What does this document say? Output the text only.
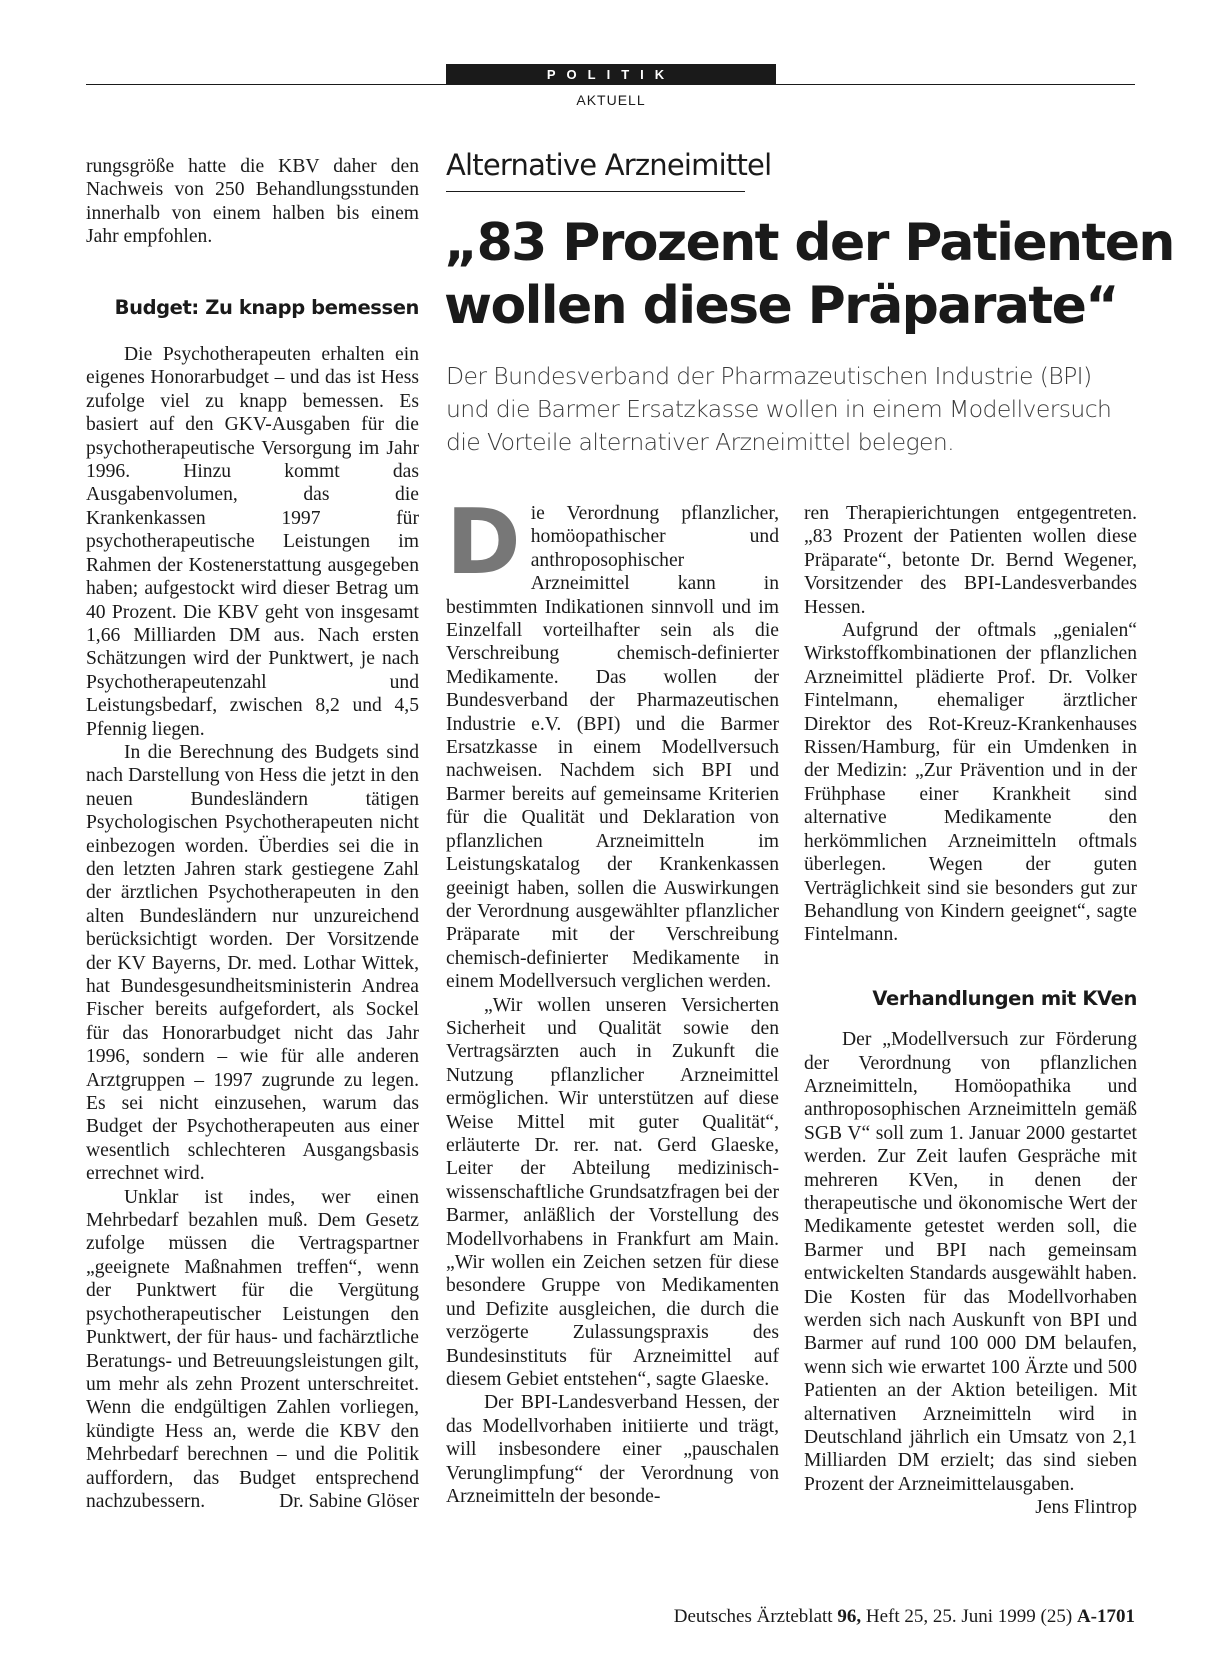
POLITIK
AKTUELL

rungsgröße hatte die KBV daher den Nachweis von 250 Behandlungsstunden innerhalb von einem halben bis einem Jahr empfohlen.

Budget: Zu knapp bemessen

Die Psychotherapeuten erhalten ein eigenes Honorarbudget – und das ist Hess zufolge viel zu knapp bemessen. Es basiert auf den GKV-Ausgaben für die psychotherapeutische Versorgung im Jahr 1996. Hinzu kommt das Ausgabenvolumen, das die Krankenkassen 1997 für psychotherapeutische Leistungen im Rahmen der Kostenerstattung ausgegeben haben; aufgestockt wird dieser Betrag um 40 Prozent. Die KBV geht von insgesamt 1,66 Milliarden DM aus. Nach ersten Schätzungen wird der Punktwert, je nach Psychotherapeutenzahl und Leistungsbedarf, zwischen 8,2 und 4,5 Pfennig liegen.

In die Berechnung des Budgets sind nach Darstellung von Hess die jetzt in den neuen Bundesländern tätigen Psychologischen Psychotherapeuten nicht einbezogen worden. Überdies sei die in den letzten Jahren stark gestiegene Zahl der ärztlichen Psychotherapeuten in den alten Bundesländern nur unzureichend berücksichtigt worden. Der Vorsitzende der KV Bayerns, Dr. med. Lothar Wittek, hat Bundesgesundheitsministerin Andrea Fischer bereits aufgefordert, als Sockel für das Honorarbudget nicht das Jahr 1996, sondern – wie für alle anderen Arztgruppen – 1997 zugrunde zu legen. Es sei nicht einzusehen, warum das Budget der Psychotherapeuten aus einer wesentlich schlechteren Ausgangsbasis errechnet wird.

Unklar ist indes, wer einen Mehrbedarf bezahlen muß. Dem Gesetz zufolge müssen die Vertragspartner „geeignete Maßnahmen treffen“, wenn der Punktwert für die Vergütung psychotherapeutischer Leistungen den Punktwert, der für haus- und fachärztliche Beratungs- und Betreuungsleistungen gilt, um mehr als zehn Prozent unterschreitet. Wenn die endgültigen Zahlen vorliegen, kündigte Hess an, werde die KBV den Mehrbedarf berechnen – und die Politik auffordern, das Budget entsprechend nachzubessern.	Dr. Sabine Glöser

Alternative Arzneimittel
„83 Prozent der Patienten
wollen diese Präparate“

Der Bundesverband der Pharmazeutischen Industrie (BPI)
und die Barmer Ersatzkasse wollen in einem Modellversuch
die Vorteile alternativer Arzneimittel belegen.

Die Verordnung pflanzlicher, homöopathischer und anthroposophischer Arzneimittel kann in bestimmten Indikationen sinnvoll und im Einzelfall vorteilhafter sein als die Verschreibung chemisch-definierter Medikamente. Das wollen der Bundesverband der Pharmazeutischen Industrie e.V. (BPI) und die Barmer Ersatzkasse in einem Modellversuch nachweisen. Nachdem sich BPI und Barmer bereits auf gemeinsame Kriterien für die Qualität und Deklaration von pflanzlichen Arzneimitteln im Leistungskatalog der Krankenkassen geeinigt haben, sollen die Auswirkungen der Verordnung ausgewählter pflanzlicher Präparate mit der Verschreibung chemisch-definierter Medikamente in einem Modellversuch verglichen werden.

„Wir wollen unseren Versicherten Sicherheit und Qualität sowie den Vertragsärzten auch in Zukunft die Nutzung pflanzlicher Arzneimittel ermöglichen. Wir unterstützen auf diese Weise Mittel mit guter Qualität“, erläuterte Dr. rer. nat. Gerd Glaeske, Leiter der Abteilung medizinisch-wissenschaftliche Grundsatzfragen bei der Barmer, anläßlich der Vorstellung des Modellvorhabens in Frankfurt am Main. „Wir wollen ein Zeichen setzen für diese besondere Gruppe von Medikamenten und Defizite ausgleichen, die durch die verzögerte Zulassungspraxis des Bundesinstituts für Arzneimittel auf diesem Gebiet entstehen“, sagte Glaeske.

Der BPI-Landesverband Hessen, der das Modellvorhaben initiierte und trägt, will insbesondere einer „pauschalen Verunglimpfung“ der Verordnung von Arzneimitteln der besonde-

ren Therapierichtungen entgegentreten. „83 Prozent der Patienten wollen diese Präparate“, betonte Dr. Bernd Wegener, Vorsitzender des BPI-Landesverbandes Hessen.

Aufgrund der oftmals „genialen“ Wirkstoffkombinationen der pflanzlichen Arzneimittel plädierte Prof. Dr. Volker Fintelmann, ehemaliger ärztlicher Direktor des Rot-Kreuz-Krankenhauses Rissen/Hamburg, für ein Umdenken in der Medizin: „Zur Prävention und in der Frühphase einer Krankheit sind alternative Medikamente den herkömmlichen Arzneimitteln oftmals überlegen. Wegen der guten Verträglichkeit sind sie besonders gut zur Behandlung von Kindern geeignet“, sagte Fintelmann.

Verhandlungen mit KVen

Der „Modellversuch zur Förderung der Verordnung von pflanzlichen Arzneimitteln, Homöopathika und anthroposophischen Arzneimitteln gemäß SGB V“ soll zum 1. Januar 2000 gestartet werden. Zur Zeit laufen Gespräche mit mehreren KVen, in denen der therapeutische und ökonomische Wert der Medikamente getestet werden soll, die Barmer und BPI nach gemeinsam entwickelten Standards ausgewählt haben. Die Kosten für das Modellvorhaben werden sich nach Auskunft von BPI und Barmer auf rund 100 000 DM belaufen, wenn sich wie erwartet 100 Ärzte und 500 Patienten an der Aktion beteiligen. Mit alternativen Arzneimitteln wird in Deutschland jährlich ein Umsatz von 2,1 Milliarden DM erzielt; das sind sieben Prozent der Arzneimittelausgaben.
Jens Flintrop

Deutsches Ärzteblatt 96, Heft 25, 25. Juni 1999 (25) A-1701
